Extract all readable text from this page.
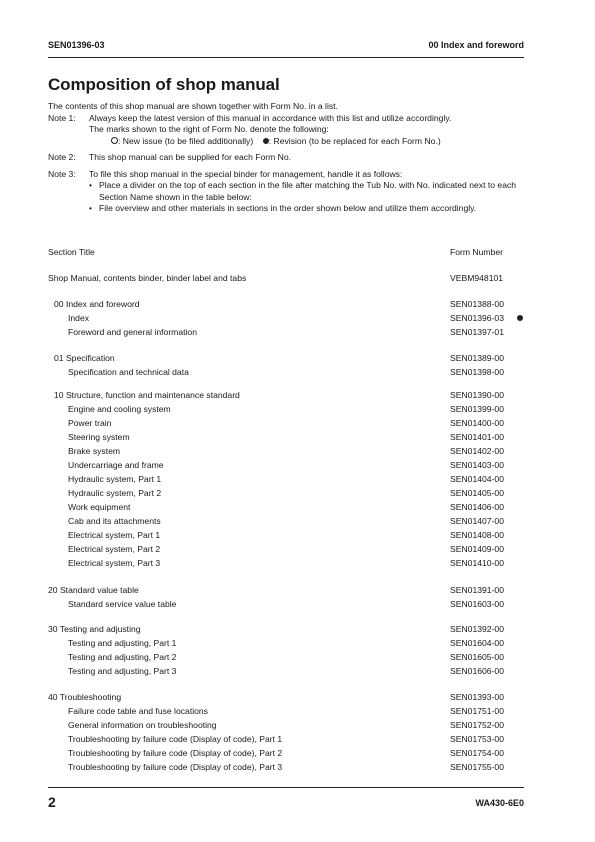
SEN01396-03	00 Index and foreword
Composition of shop manual

The contents of this shop manual are shown together with Form No. in a list.

Note 1:	Always keep the latest version of this manual in accordance with this list and utilize accordingly.
The marks shown to the right of Form No. denote the following:
: New issue (to be filed additionally) : Revision (to be replaced for each Form No.)
Note 2:	This shop manual can be supplied for each Form No.
Note 3:	To file this shop manual in the special binder for management, handle it as follows:
• Place a divider on the top of each section in the file after matching the Tub No. with No. indicated next to each Section Name shown in the table below:
• File overview and other materials in sections in the order shown below and utilize them accordingly.
Section Title	Form Number
Shop Manual, contents binder, binder label and tabs	VEBM948101
00 Index and foreword	SEN01388-00
Index	SEN01396-03
Foreword and general information	SEN01397-01
01 Specification	SEN01389-00
Specification and technical data	SEN01398-00
10 Structure, function and maintenance standard	SEN01390-00
Engine and cooling system	SEN01399-00
Power train	SEN01400-00
Steering system	SEN01401-00
Brake system	SEN01402-00
Undercarriage and frame	SEN01403-00
Hydraulic system, Part 1	SEN01404-00
Hydraulic system, Part 2	SEN01405-00
Work equipment	SEN01406-00
Cab and its attachments	SEN01407-00
Electrical system, Part 1	SEN01408-00
Electrical system, Part 2	SEN01409-00
Electrical system, Part 3	SEN01410-00
20 Standard value table	SEN01391-00
Standard service value table	SEN01603-00
30 Testing and adjusting	SEN01392-00
Testing and adjusting, Part 1	SEN01604-00
Testing and adjusting, Part 2	SEN01605-00
Testing and adjusting, Part 3	SEN01606-00
40 Troubleshooting	SEN01393-00
Failure code table and fuse locations	SEN01751-00
General information on troubleshooting	SEN01752-00
Troubleshooting by failure code (Display of code), Part 1	SEN01753-00
Troubleshooting by failure code (Display of code), Part 2	SEN01754-00
Troubleshooting by failure code (Display of code), Part 3	SEN01755-00
2	WA430-6E0
